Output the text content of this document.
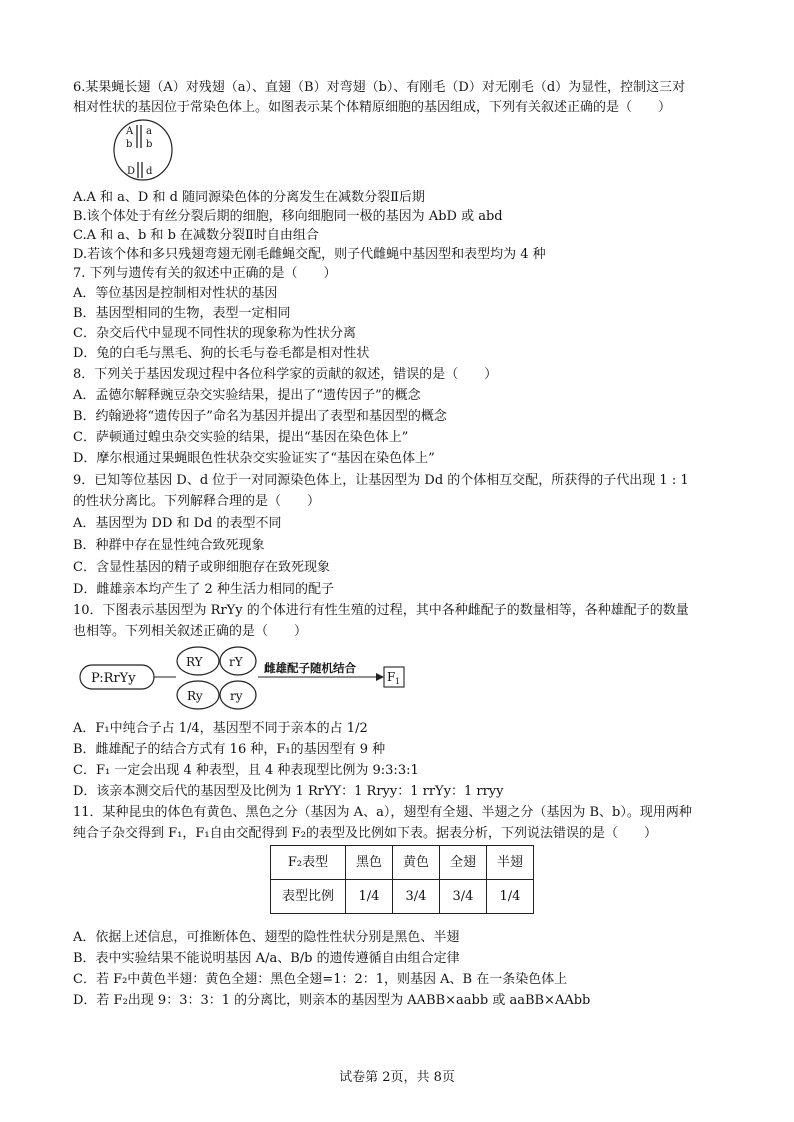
6.某果蝇长翅（A）对残翅（a）、直翅（B）对弯翅（b）、有刚毛（D）对无刚毛（d）为显性，控制这三对
相对性状的基因位于常染色体上。如图表示某个体精原细胞的基因组成，下列有关叙述正确的是（　　）
A a
b b
D d
A.A 和 a、D 和 d 随同源染色体的分离发生在减数分裂Ⅱ后期
B.该个体处于有丝分裂后期的细胞，移向细胞同一极的基因为 AbD 或 abd
C.A 和 a、b 和 b 在减数分裂Ⅱ时自由组合
D.若该个体和多只残翅弯翅无刚毛雌蝇交配，则子代雌蝇中基因型和表型均为 4 种
7. 下列与遗传有关的叙述中正确的是（　　）
A．等位基因是控制相对性状的基因
B．基因型相同的生物，表型一定相同
C．杂交后代中显现不同性状的现象称为性状分离
D．兔的白毛与黑毛、狗的长毛与卷毛都是相对性状
8．下列关于基因发现过程中各位科学家的贡献的叙述，错误的是（　　）
A．孟德尔解释豌豆杂交实验结果，提出了“遗传因子”的概念
B．约翰逊将“遗传因子”命名为基因并提出了表型和基因型的概念
C．萨顿通过蝗虫杂交实验的结果，提出“基因在染色体上”
D．摩尔根通过果蝇眼色性状杂交实验证实了“基因在染色体上”
9．已知等位基因 D、d 位于一对同源染色体上，让基因型为 Dd 的个体相互交配，所获得的子代出现 1 : 1
的性状分离比。下列解释合理的是（　　）
A．基因型为 DD 和 Dd 的表型不同
B．种群中存在显性纯合致死现象
C．含显性基因的精子或卵细胞存在致死现象
D．雌雄亲本均产生了 2 种生活力相同的配子
10．下图表示基因型为 RrYy 的个体进行有性生殖的过程，其中各种雌配子的数量相等，各种雄配子的数量
也相等。下列相关叙述正确的是（　　）
P:RrYy
RY rY
Ry ry
雌雄配子随机结合
F 1
A．F₁中纯合子占 1/4，基因型不同于亲本的占 1/2
B．雌雄配子的结合方式有 16 种，F₁的基因型有 9 种
C．F₁ 一定会出现 4 种表型，且 4 种表现型比例为 9:3:3:1
D．该亲本测交后代的基因型及比例为 1 RrYY：1 Rryy：1 rrYy：1 rryy
11．某种昆虫的体色有黄色、黑色之分（基因为 A、a），翅型有全翅、半翅之分（基因为 B、b）。现用两种
纯合子杂交得到 F₁，F₁自由交配得到 F₂的表型及比例如下表。据表分析，下列说法错误的是（　　）
F₂表型	黑色	黄色	全翅	半翅
表型比例	1/4	3/4	3/4	1/4
A．依据上述信息，可推断体色、翅型的隐性性状分别是黑色、半翅
B．表中实验结果不能说明基因 A/a、B/b 的遗传遵循自由组合定律
C．若 F₂中黄色半翅：黄色全翅：黑色全翅=1：2：1，则基因 A、B 在一条染色体上
D．若 F₂出现 9：3：3：1 的分离比，则亲本的基因型为 AABB×aabb 或 aaBB×AAbb
试卷第 2页，共 8页
